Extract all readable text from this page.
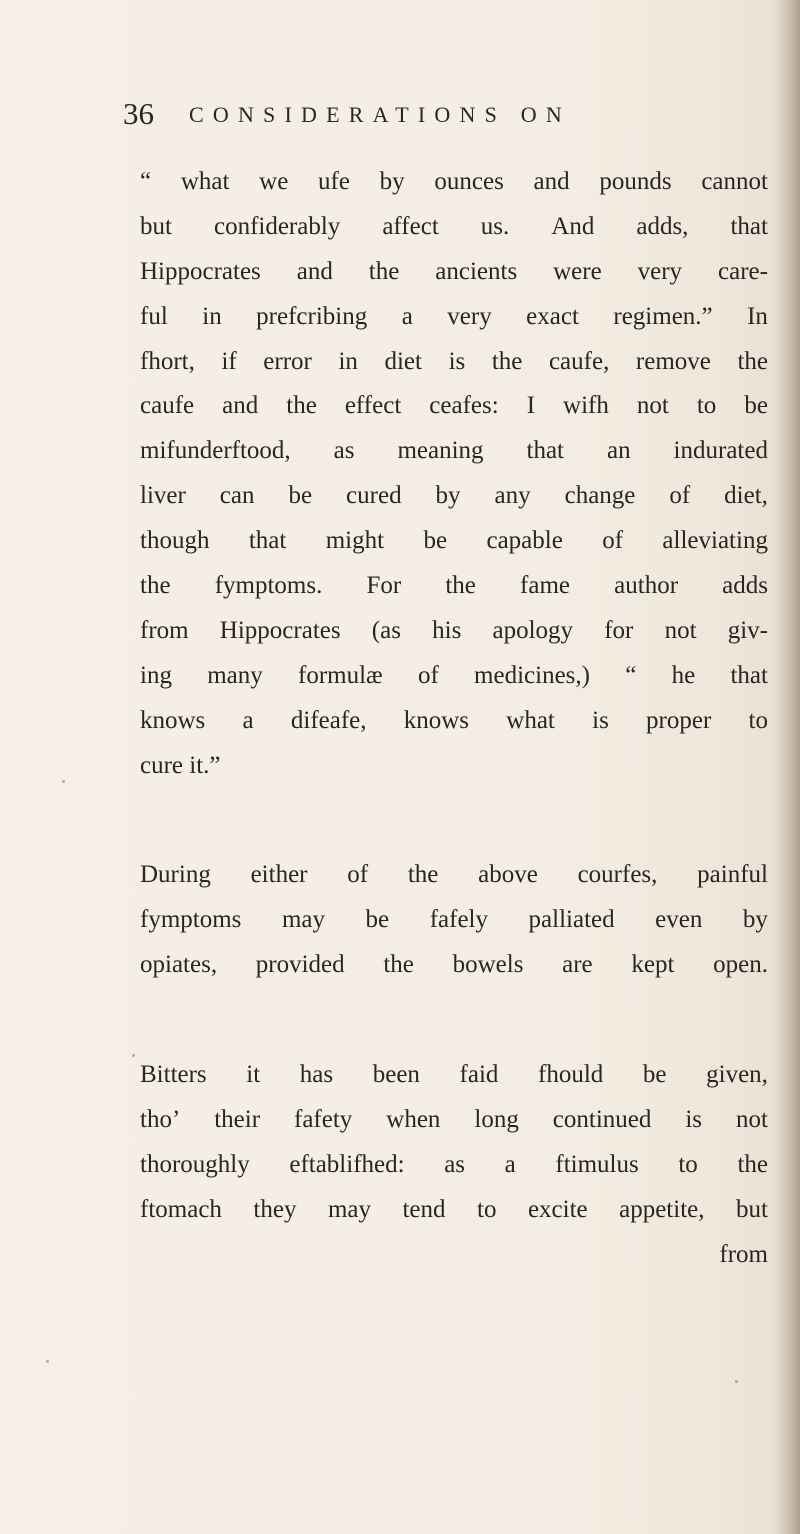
36 CONSIDERATIONS ON
“ what we ufe by ounces and pounds cannot
but confiderably affect us. And adds, that
Hippocrates and the ancients were very care-
ful in prefcribing a very exact regimen.” In
fhort, if error in diet is the caufe, remove the
caufe and the effect ceafes: I wifh not to be
mifunderftood, as meaning that an indurated
liver can be cured by any change of diet,
though that might be capable of alleviating
the fymptoms. For the fame author adds
from Hippocrates (as his apology for not giv-
ing many formulæ of medicines,) “ he that
knows a difeafe, knows what is proper to
cure it.”
During either of the above courfes, painful
fymptoms may be fafely palliated even by
opiates, provided the bowels are kept open.
Bitters it has been faid fhould be given,
tho’ their fafety when long continued is not
thoroughly eftablifhed: as a ftimulus to the
ftomach they may tend to excite appetite, but
from
